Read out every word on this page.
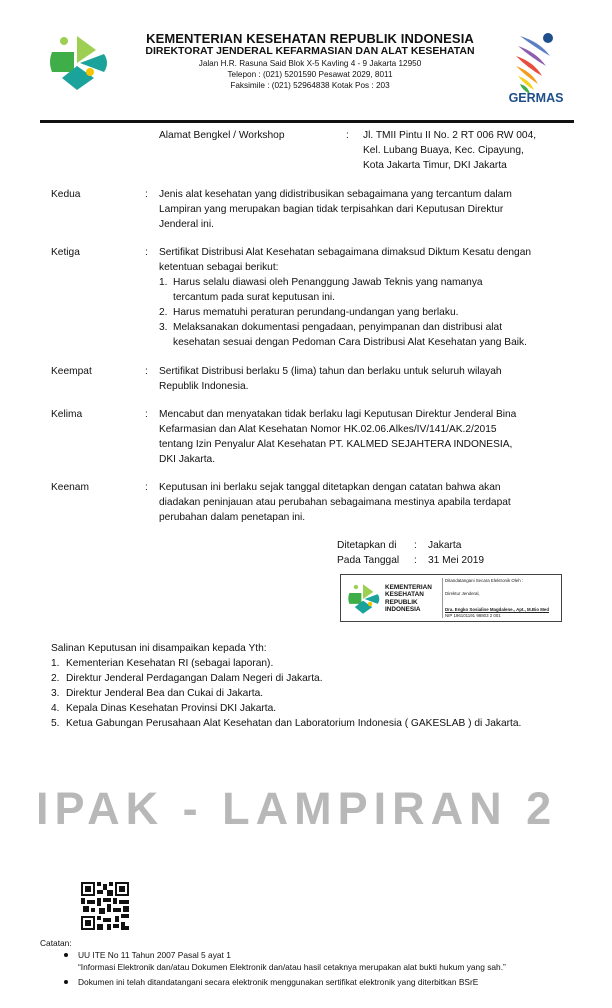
KEMENTERIAN KESEHATAN REPUBLIK INDONESIA
DIREKTORAT JENDERAL KEFARMASIAN DAN ALAT KESEHATAN
Jalan H.R. Rasuna Said Blok X-5 Kavling 4 - 9 Jakarta 12950
Telepon : (021) 5201590 Pesawat 2029, 8011
Faksimile : (021) 52964838 Kotak Pos : 203
GERMAS
Alamat Bengkel / Workshop	: Jl. TMII Pintu II No. 2 RT 006 RW 004,
Kel. Lubang Buaya, Kec. Cipayung,
Kota Jakarta Timur, DKI Jakarta
Kedua	: Jenis alat kesehatan yang didistribusikan sebagaimana yang tercantum dalam
Lampiran yang merupakan bagian tidak terpisahkan dari Keputusan Direktur
Jenderal ini.
Ketiga	: Sertifikat Distribusi Alat Kesehatan sebagaimana dimaksud Diktum Kesatu dengan
ketentuan sebagai berikut:
1. Harus selalu diawasi oleh Penanggung Jawab Teknis yang namanya
tercantum pada surat keputusan ini.
2. Harus mematuhi peraturan perundang-undangan yang berlaku.
3. Melaksanakan dokumentasi pengadaan, penyimpanan dan distribusi alat
kesehatan sesuai dengan Pedoman Cara Distribusi Alat Kesehatan yang Baik.
Keempat	: Sertifikat Distribusi berlaku 5 (lima) tahun dan berlaku untuk seluruh wilayah
Republik Indonesia.
Kelima	: Mencabut dan menyatakan tidak berlaku lagi Keputusan Direktur Jenderal Bina
Kefarmasian dan Alat Kesehatan Nomor HK.02.06.Alkes/IV/141/AK.2/2015
tentang Izin Penyalur Alat Kesehatan PT. KALMED SEJAHTERA INDONESIA,
DKI Jakarta.
Keenam	: Keputusan ini berlaku sejak tanggal ditetapkan dengan catatan bahwa akan
diadakan peninjauan atau perubahan sebagaimana mestinya apabila terdapat
perubahan dalam penetapan ini.
Ditetapkan di : Jakarta
Pada Tanggal : 31 Mei 2019
KEMENTERIAN
KESEHATAN
REPUBLIK
INDONESIA
Ditandatangani Secara Elektronik Oleh :
Direktur Jenderal,
Dra. Engko Sosialine Magdalene., Apt., M.Bio Med
NIP 196101191 98803 2 001
Salinan Keputusan ini disampaikan kepada Yth:
1. Kementerian Kesehatan RI (sebagai laporan).
2. Direktur Jenderal Perdagangan Dalam Negeri di Jakarta.
3. Direktur Jenderal Bea dan Cukai di Jakarta.
4. Kepala Dinas Kesehatan Provinsi DKI Jakarta.
5. Ketua Gabungan Perusahaan Alat Kesehatan dan Laboratorium Indonesia ( GAKESLAB ) di Jakarta.
IPAK - LAMPIRAN 2
Catatan:
UU ITE No 11 Tahun 2007 Pasal 5 ayat 1
“Informasi Elektronik dan/atau Dokumen Elektronik dan/atau hasil cetaknya merupakan alat bukti hukum yang sah.”
Dokumen ini telah ditandatangani secara elektronik menggunakan sertifikat elektronik yang diterbitkan BSrE
